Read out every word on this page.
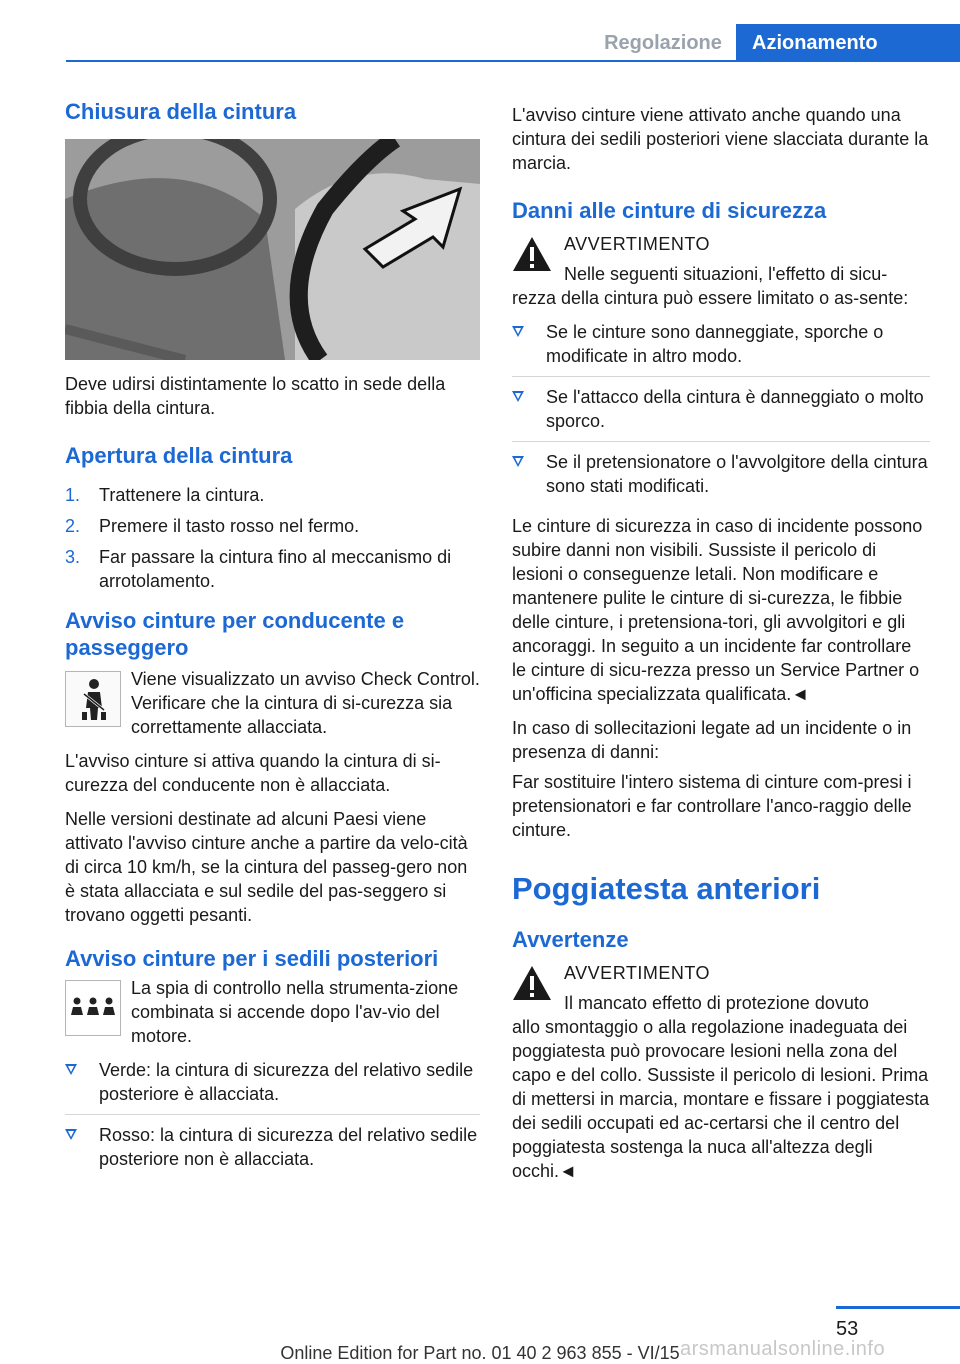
Regolazione	Azionamento
Chiusura della cintura

Deve udirsi distintamente lo scatto in sede della fibbia della cintura.

Apertura della cintura
1. Trattenere la cintura.
2. Premere il tasto rosso nel fermo.
3. Far passare la cintura fino al meccanismo di arrotolamento.
Avviso cinture per conducente e passeggero

Viene visualizzato un avviso Check Control. Verificare che la cintura di si-curezza sia correttamente allacciata.

L'avviso cinture si attiva quando la cintura di si-curezza del conducente non è allacciata.

Nelle versioni destinate ad alcuni Paesi viene attivato l'avviso cinture anche a partire da velo-cità di circa 10 km/h, se la cintura del passeg-gero non è stata allacciata e sul sedile del pas-seggero si trovano oggetti pesanti.

Avviso cinture per i sedili posteriori

La spia di controllo nella strumenta-zione combinata si accende dopo l'av-vio del motore.

Verde: la cintura di sicurezza del relativo sedile posteriore è allacciata.
Rosso: la cintura di sicurezza del relativo sedile posteriore non è allacciata.

L'avviso cinture viene attivato anche quando una cintura dei sedili posteriori viene slacciata durante la marcia.

Danni alle cinture di sicurezza
AVVERTIMENTO
Nelle seguenti situazioni, l'effetto di sicu-

rezza della cintura può essere limitato o as-sente:

Se le cinture sono danneggiate, sporche o modificate in altro modo.
Se l'attacco della cintura è danneggiato o molto sporco.
Se il pretensionatore o l'avvolgitore della cintura sono stati modificati.

Le cinture di sicurezza in caso di incidente possono subire danni non visibili. Sussiste il pericolo di lesioni o conseguenze letali. Non modificare e mantenere pulite le cinture di si-curezza, le fibbie delle cinture, i pretensiona-tori, gli avvolgitori e gli ancoraggi. In seguito a un incidente far controllare le cinture di sicu-rezza presso un Service Partner o un'officina specializzata qualificata.◄

In caso di sollecitazioni legate ad un incidente o in presenza di danni:

Far sostituire l'intero sistema di cinture com-presi i pretensionatori e far controllare l'anco-raggio delle cinture.

Poggiatesta anteriori
Avvertenze
AVVERTIMENTO
Il mancato effetto di protezione dovuto

allo smontaggio o alla regolazione inadeguata dei poggiatesta può provocare lesioni nella zona del capo e del collo. Sussiste il pericolo di lesioni. Prima di mettersi in marcia, montare e fissare i poggiatesta dei sedili occupati ed ac-certarsi che il centro del poggiatesta sostenga la nuca all'altezza degli occhi.◄

53
Online Edition for Part no. 01 40 2 963 855 - VI/15 arsmanualsonline.info
